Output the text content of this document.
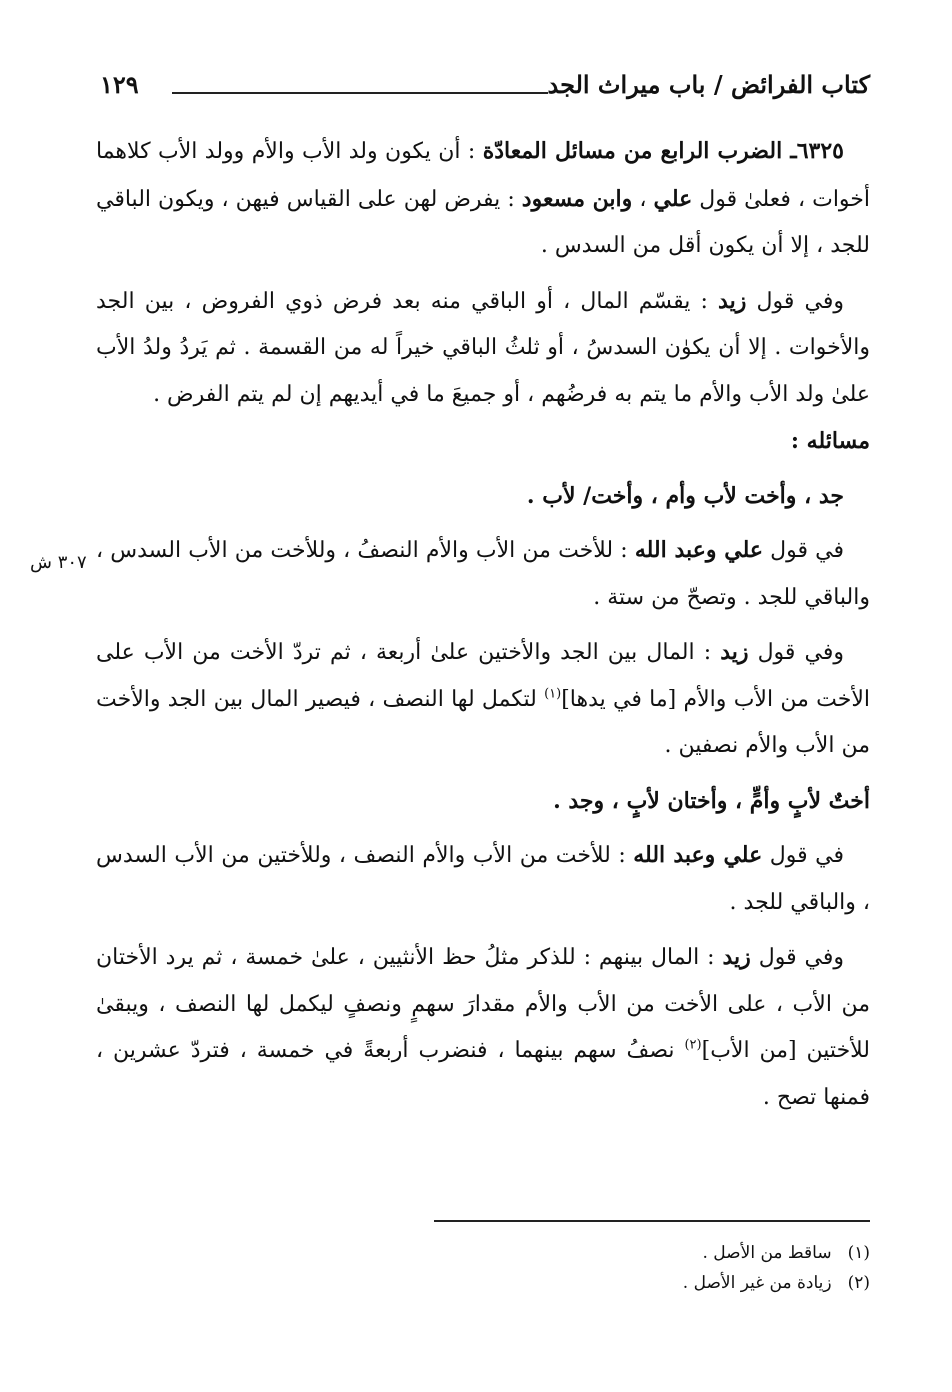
كتاب الفرائض / باب ميراث الجد
١٢٩
٣٠٧ ش

٦٣٢٥ـ الضرب الرابع من مسائل المعادّة : أن يكون ولد الأب والأم وولد الأب كلاهما أخوات ، فعلىٰ قول علي ، وابن مسعود : يفرض لهن على القياس فيهن ، ويكون الباقي للجد ، إلا أن يكون أقل من السدس .

وفي قول زيد : يقسّم المال ، أو الباقي منه بعد فرض ذوي الفروض ، بين الجد والأخوات . إلا أن يكوٰن السدسُ ، أو ثلثُ الباقي خيراً له من القسمة . ثم يَردُ ولدُ الأب علىٰ ولد الأب والأم ما يتم به فرضُهم ، أو جميعَ ما في أيديهم إن لم يتم الفرض .

مسائله :

جد ، وأخت لأب وأم ، وأخت/ لأب .

في قول علي وعبد الله : للأخت من الأب والأم النصفُ ، وللأخت من الأب السدس ، والباقي للجد . وتصحّ من ستة .

وفي قول زيد : المال بين الجد والأختين علىٰ أربعة ، ثم تردّ الأخت من الأب على الأخت من الأب والأم [ما في يدها]$^{(١)}$ لتكمل لها النصف ، فيصير المال بين الجد والأخت من الأب والأم نصفين .

أختٌ لأبٍ وأمٍّ ، وأختان لأبٍ ، وجد .

في قول علي وعبد الله : للأخت من الأب والأم النصف ، وللأختين من الأب السدس ، والباقي للجد .

وفي قول زيد : المال بينهم : للذكر مثلُ حظ الأنثيين ، علىٰ خمسة ، ثم يرد الأختان من الأب ، على الأخت من الأب والأم مقدارَ سهمٍ ونصفٍ ليكمل لها النصف ، ويبقىٰ للأختين [من الأب]$^{(٢)}$ نصفُ سهم بينهما ، فنضرب أربعةً في خمسة ، فتردّ عشرين ، فمنها تصح .

(١)ساقط من الأصل .
(٢)زيادة من غير الأصل .
